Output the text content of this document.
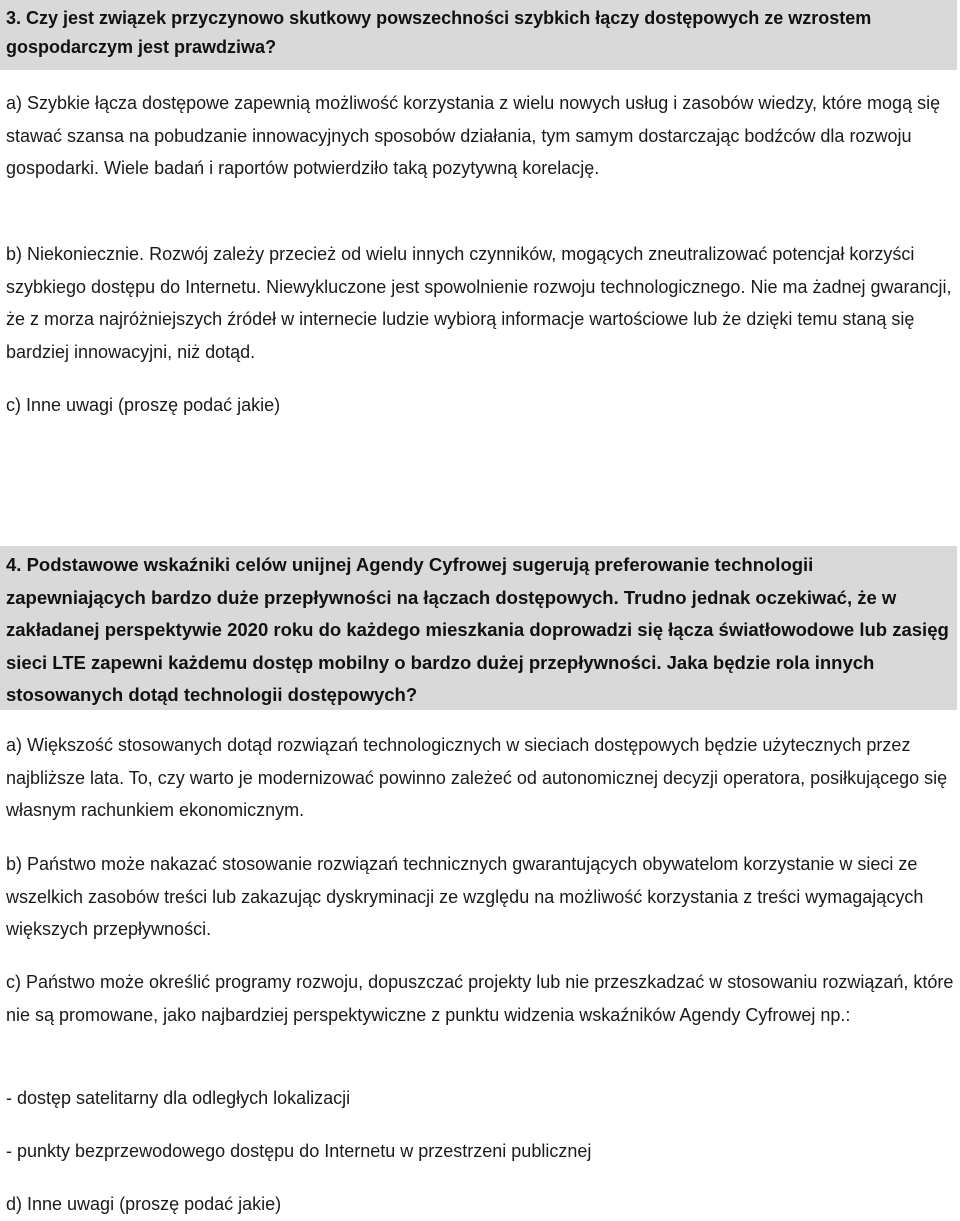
3. Czy jest związek przyczynowo skutkowy powszechności szybkich łączy dostępowych ze wzrostem gospodarczym jest prawdziwa?

a) Szybkie łącza dostępowe zapewnią możliwość korzystania z wielu nowych usług i zasobów wiedzy, które mogą się stawać szansa na pobudzanie innowacyjnych sposobów działania, tym samym dostarczając bodźców dla rozwoju gospodarki. Wiele badań i raportów potwierdziło taką pozytywną korelację.

b) Niekoniecznie. Rozwój zależy przecież od wielu innych czynników, mogących zneutralizować potencjał korzyści szybkiego dostępu do Internetu. Niewykluczone jest spowolnienie rozwoju technologicznego. Nie ma żadnej gwarancji, że z morza najróżniejszych źródeł w internecie ludzie wybiorą informacje wartościowe lub że dzięki temu staną się bardziej innowacyjni, niż dotąd.

c) Inne uwagi (proszę podać jakie)

4. Podstawowe wskaźniki celów unijnej Agendy Cyfrowej sugerują preferowanie technologii zapewniających bardzo duże przepływności na łączach dostępowych. Trudno jednak oczekiwać, że w zakładanej perspektywie 2020 roku do każdego mieszkania doprowadzi się łącza światłowodowe lub zasięg sieci LTE zapewni każdemu dostęp mobilny o bardzo dużej przepływności. Jaka będzie rola innych stosowanych dotąd technologii dostępowych?

a) Większość stosowanych dotąd rozwiązań technologicznych w sieciach dostępowych będzie użytecznych przez najbliższe lata. To, czy warto je modernizować powinno zależeć od autonomicznej decyzji operatora, posiłkującego się własnym rachunkiem ekonomicznym.

b) Państwo może nakazać stosowanie rozwiązań technicznych gwarantujących obywatelom korzystanie w sieci ze wszelkich zasobów treści lub zakazując dyskryminacji ze względu na możliwość korzystania z treści wymagających większych przepływności.

c) Państwo może określić programy rozwoju, dopuszczać projekty lub nie przeszkadzać w stosowaniu rozwiązań, które nie są promowane, jako najbardziej perspektywiczne z punktu widzenia wskaźników Agendy Cyfrowej np.:

- dostęp satelitarny dla odległych lokalizacji

- punkty bezprzewodowego dostępu do Internetu w przestrzeni publicznej

d) Inne uwagi (proszę podać jakie)
